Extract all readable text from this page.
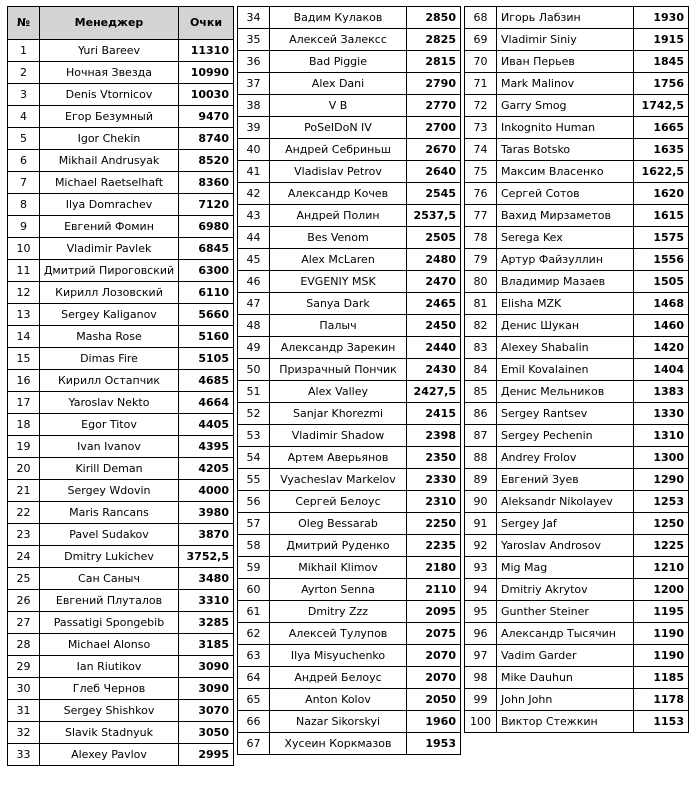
№	Менеджер	Очки
1	Yuri Bareev	11310
2	Ночная Звезда	10990
3	Denis Vtornicov	10030
4	Егор Безумный	9470
5	Igor Chekin	8740
6	Mikhail Andrusyak	8520
7	Michael Raetselhaft	8360
8	Ilya Domrachev	7120
9	Евгений Фомин	6980
10	Vladimir Pavlek	6845
11	Дмитрий Пироговский	6300
12	Кирилл Лозовский	6110
13	Sergey Kaliganov	5660
14	Masha Rose	5160
15	Dimas Fire	5105
16	Кирилл Остапчик	4685
17	Yaroslav Nekto	4664
18	Egor Titov	4405
19	Ivan Ivanov	4395
20	Kirill Deman	4205
21	Sergey Wdovin	4000
22	Maris Rancans	3980
23	Pavel Sudakov	3870
24	Dmitry Lukichev	3752,5
25	Сан Саныч	3480
26	Евгений Плуталов	3310
27	Passatigi Spongebib	3285
28	Michael Alonso	3185
29	Ian Riutikov	3090
30	Глеб Чернов	3090
31	Sergey Shishkov	3070
32	Slavik Stadnyuk	3050
33	Alexey Pavlov	2995
34	Вадим Кулаков	2850
35	Алексей Залексс	2825
36	Bad Piggie	2815
37	Alex Dani	2790
38	V B	2770
39	PoSeIDoN IV	2700
40	Андрей Себриньш	2670
41	Vladislav Petrov	2640
42	Александр Кочев	2545
43	Андрей Полин	2537,5
44	Bes Venom	2505
45	Alex McLaren	2480
46	EVGENIY MSK	2470
47	Sanya Dark	2465
48	Палыч	2450
49	Александр Зарекин	2440
50	Призрачный Пончик	2430
51	Alex Valley	2427,5
52	Sanjar Khorezmi	2415
53	Vladimir Shadow	2398
54	Артем Аверьянов	2350
55	Vyacheslav Markelov	2330
56	Сергей Белоус	2310
57	Oleg Bessarab	2250
58	Дмитрий Руденко	2235
59	Mikhail Klimov	2180
60	Ayrton Senna	2110
61	Dmitry Zzz	2095
62	Алексей Тулупов	2075
63	Ilya Misyuchenko	2070
64	Андрей Белоус	2070
65	Anton Kolov	2050
66	Nazar Sikorskyi	1960
67	Хусеин Коркмазов	1953
68	Игорь Лабзин	1930
69	Vladimir Siniy	1915
70	Иван Перьев	1845
71	Mark Malinov	1756
72	Garry Smog	1742,5
73	Inkognito Human	1665
74	Taras Botsko	1635
75	Максим Власенко	1622,5
76	Сергей Сотов	1620
77	Вахид Мирзаметов	1615
78	Serega Kex	1575
79	Артур Файзуллин	1556
80	Владимир Мазаев	1505
81	Elisha MZK	1468
82	Денис Шукан	1460
83	Alexey Shabalin	1420
84	Emil Kovalainen	1404
85	Денис Мельников	1383
86	Sergey Rantsev	1330
87	Sergey Pechenin	1310
88	Andrey Frolov	1300
89	Евгений Зуев	1290
90	Aleksandr Nikolayev	1253
91	Sergey Jaf	1250
92	Yaroslav Androsov	1225
93	Mig Mag	1210
94	Dmitriy Akrytov	1200
95	Gunther Steiner	1195
96	Александр Тысячин	1190
97	Vadim Garder	1190
98	Mike Dauhun	1185
99	John John	1178
100	Виктор Стежкин	1153
